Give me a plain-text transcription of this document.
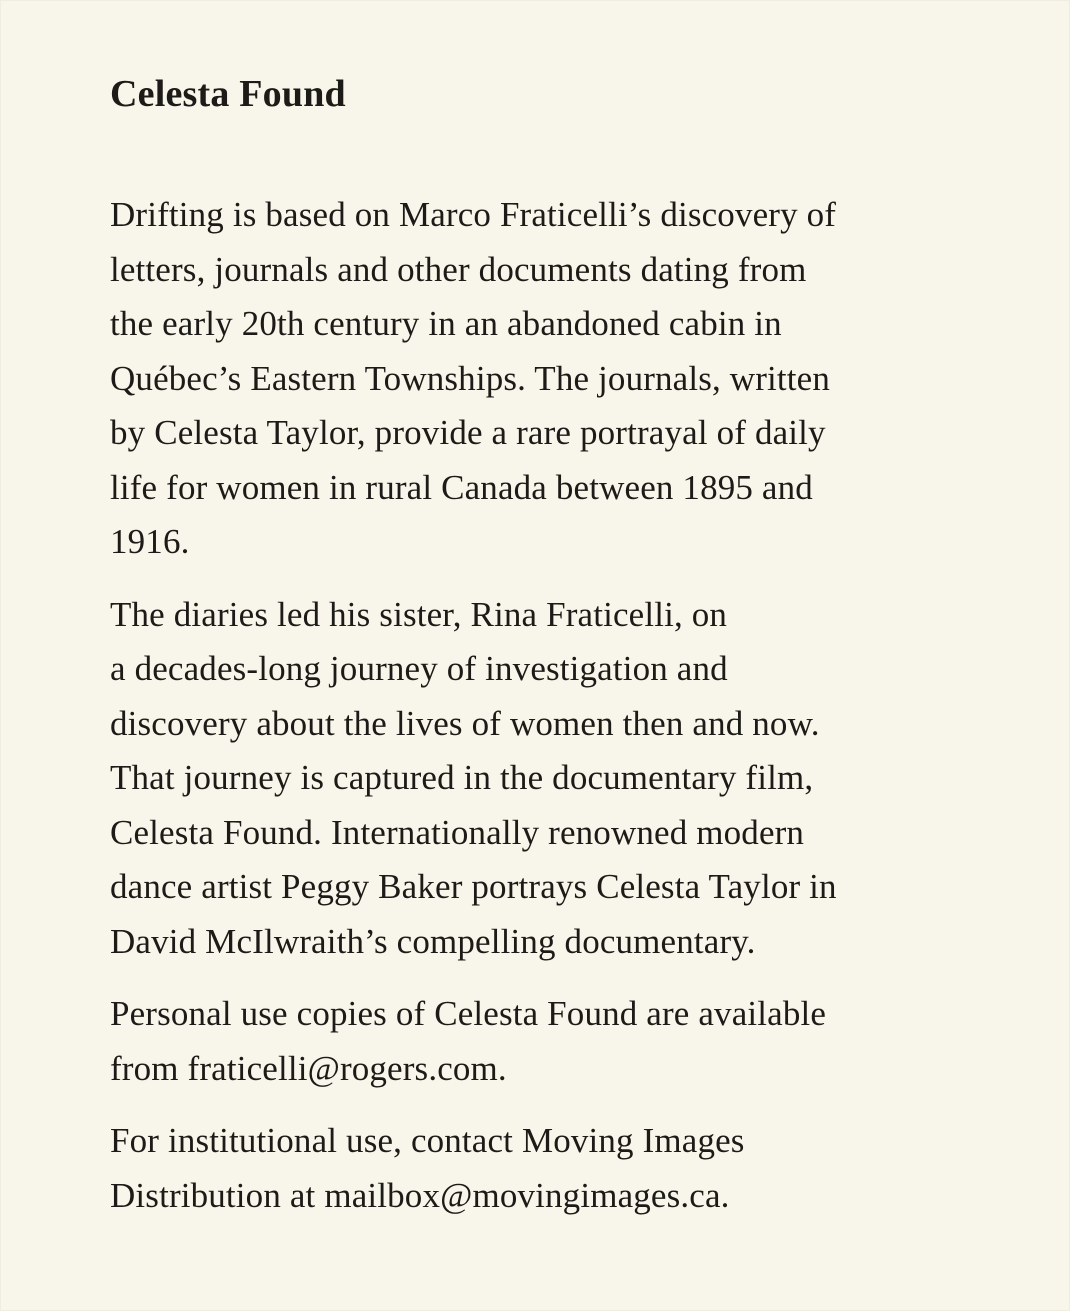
Celesta Found

Drifting is based on Marco Fraticelli’s discovery of
letters, journals and other documents dating from
the early 20th century in an abandoned cabin in
Québec’s Eastern Townships. The journals, written
by Celesta Taylor, provide a rare portrayal of daily
life for women in rural Canada between 1895 and
1916.

The diaries led his sister, Rina Fraticelli, on
a decades-long journey of investigation and
discovery about the lives of women then and now.
That journey is captured in the documentary film,
Celesta Found. Internationally renowned modern
dance artist Peggy Baker portrays Celesta Taylor in
David McIlwraith’s compelling documentary.

Personal use copies of Celesta Found are available
from fraticelli@rogers.com.

For institutional use, contact Moving Images
Distribution at mailbox@movingimages.ca.
